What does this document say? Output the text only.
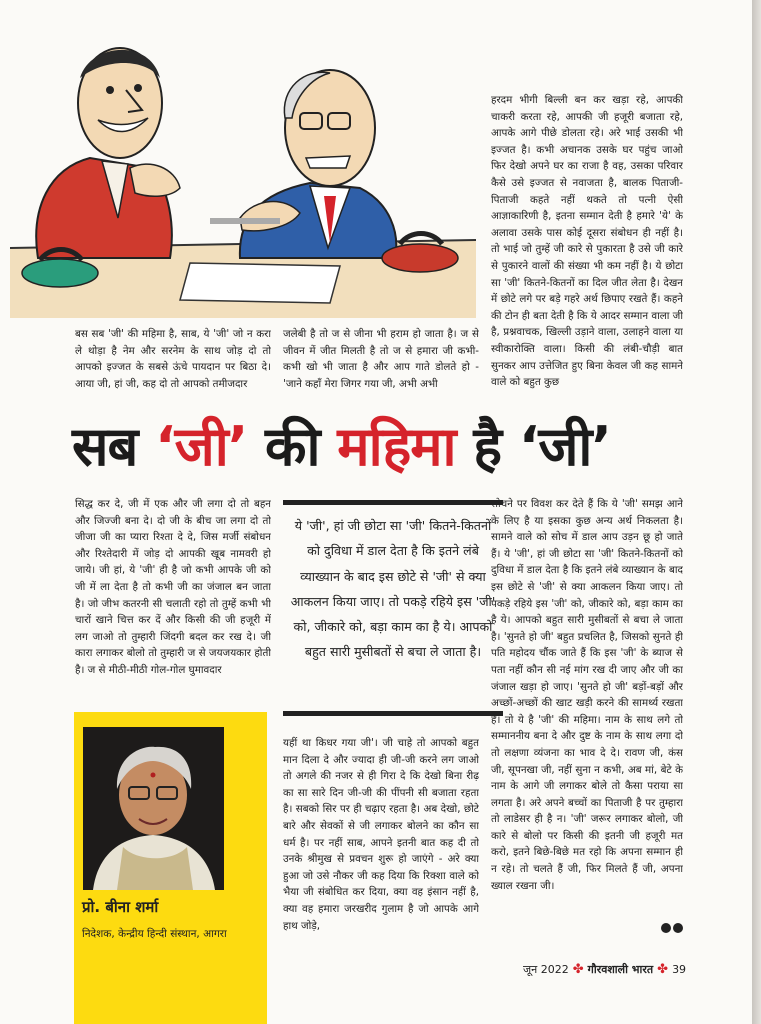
हरदम भीगी बिल्ली बन कर खड़ा रहे, आपकी चाकरी करता रहे, आपकी जी हजूरी बजाता रहे, आपके आगे पीछे डोलता रहे। अरे भाई उसकी भी इज्जत है। कभी अचानक उसके घर पहुंच जाओ फिर देखो अपने घर का राजा है वह, उसका परिवार कैसे उसे इज्जत से नवाजता है, बालक पिताजी-पिताजी कहते नहीं थकते तो पत्नी ऐसी आज्ञाकारिणी है, इतना सम्मान देती है हमारे 'ये' के अलावा उसके पास कोई दूसरा संबोधन ही नहीं है। तो भाई जो तुम्हें जी कारे से पुकारता है उसे जी कारे से पुकारने वालों की संख्या भी कम नहीं है। ये छोटा सा 'जी' कितने-कितनों का दिल जीत लेता है। देखन में छोटे लगे पर बड़े गहरे अर्थ छिपाए रखते हैं। कहने की टोन ही बता देती है कि ये आदर सम्मान वाला जी है, प्रश्नवाचक, खिल्ली उड़ाने वाला, उलाहने वाला या स्वीकारोक्ति वाला। किसी की लंबी-चौड़ी बात सुनकर आप उत्तेजित हुए बिना केवल जी कह सामने वाले को बहुत कुछ
बस सब 'जी' की महिमा है, साब, ये 'जी' जो न करा ले थोड़ा है नेम और सरनेम के साथ जोड़ दो तो आपको इज्जत के सबसे ऊंचे पायदान पर बिठा दे। आया जी, हां जी, कह दो तो आपको तमीजदार
जलेबी है तो ज से जीना भी हराम हो जाता है। ज से जीवन में जीत मिलती है तो ज से हमारा जी कभी-कभी खो भी जाता है और आप गाते डोलते हो - 'जाने कहाँ मेरा जिगर गया जी, अभी अभी
सब ‘जी’ की महिमा है ‘जी’
सिद्ध कर दे, जी में एक और जी लगा दो तो बहन और जिज्जी बना दे। दो जी के बीच जा लगा दो तो जीजा जी का प्यारा रिश्ता दे दे, जिस मर्जी संबोधन और रिश्तेदारी में जोड़ दो आपकी खूब नामवरी हो जाये। जी हां, ये 'जी' ही है जो कभी आपके जी को जी में ला देता है तो कभी जी का जंजाल बन जाता है। जो जीभ कतरनी सी चलाती रहो तो तुम्हें कभी भी चारों खाने चित्त कर दें और किसी की जी हजूरी में लग जाओ तो तुम्हारी जिंदगी बदल कर रख दे। जी कारा लगाकर बोलो तो तुम्हारी ज से जयजयकार होती है। ज से मीठी-मीठी गोल-गोल घुमावदार
ये 'जी', हां जी छोटा सा 'जी' कितने-कितनों को दुविधा में डाल देता है कि इतने लंबे व्याख्यान के बाद इस छोटे से 'जी' से क्या आकलन किया जाए। तो पकड़े रहिये इस 'जी' को, जीकारे को, बड़ा काम का है ये। आपको बहुत सारी मुसीबतों से बचा ले जाता है।
यहीं था किधर गया जी'। जी चाहे तो आपको बहुत मान दिला दे और ज्यादा ही जी-जी करने लग जाओ तो अगले की नजर से ही गिरा दे कि देखो बिना रीढ़ का सा सारे दिन जी-जी की पींपनी सी बजाता रहता है। सबको सिर पर ही चढ़ाए रहता है। अब देखो, छोटे बारे और सेवकों से जी लगाकर बोलने का कौन सा धर्म है। पर नहीं साब, आपने इतनी बात कह दी तो उनके श्रीमुख से प्रवचन शुरू हो जाएंगे - अरे क्या हुआ जो उसे नौकर जी कह दिया कि रिक्शा वाले को भैया जी संबोधित कर दिया, क्या वह इंसान नहीं है, क्या वह हमारा जरखरीद गुलाम है जो आपके आगे हाथ जोड़े,
सोचने पर विवश कर देते हैं कि ये 'जी' समझ आने के लिए है या इसका कुछ अन्य अर्थ निकलता है। सामने वाले को सोच में डाल आप उड़न छू हो जाते हैं। ये 'जी', हां जी छोटा सा 'जी' कितने-कितनों को दुविधा में डाल देता है कि इतने लंबे व्याख्यान के बाद इस छोटे से 'जी' से क्या आकलन किया जाए। तो पकड़े रहिये इस 'जी' को, जीकारे को, बड़ा काम का है ये। आपको बहुत सारी मुसीबतों से बचा ले जाता है। 'सुनते हो जी' बहुत प्रचलित है, जिसको सुनते ही पति महोदय चौंक जाते हैं कि इस 'जी' के ब्याज से पता नहीं कौन सी नई मांग रख दी जाए और जी का जंजाल खड़ा हो जाए। 'सुनते हो जी' बड़ों-बड़ों और अच्छों-अच्छों की खाट खड़ी करने की सामर्थ्य रखता है। तो ये है 'जी' की महिमा। नाम के साथ लगे तो सम्माननीय बना दे और दुष्ट के नाम के साथ लगा दो तो लक्षणा व्यंजना का भाव दे दे। रावण जी, कंस जी, सूपनखा जी, नहीं सुना न कभी, अब मां, बेटे के नाम के आगे जी लगाकर बोले तो कैसा पराया सा लगता है। अरे अपने बच्चों का पिताजी है पर तुम्हारा तो लाडेसर ही है न। 'जी' जरूर लगाकर बोलो, जी कारे से बोलो पर किसी की इतनी जी हजूरी मत करो, इतने बिछे-बिछे मत रहो कि अपना सम्मान ही न रहे। तो चलते हैं जी, फिर मिलते हैं जी, अपना ख्याल रखना जी।
प्रो. बीना शर्मा
निदेशक, केन्द्रीय हिन्दी संस्थान, आगरा
जून 2022 ✤ गौरवशाली भारत ✤ 39
